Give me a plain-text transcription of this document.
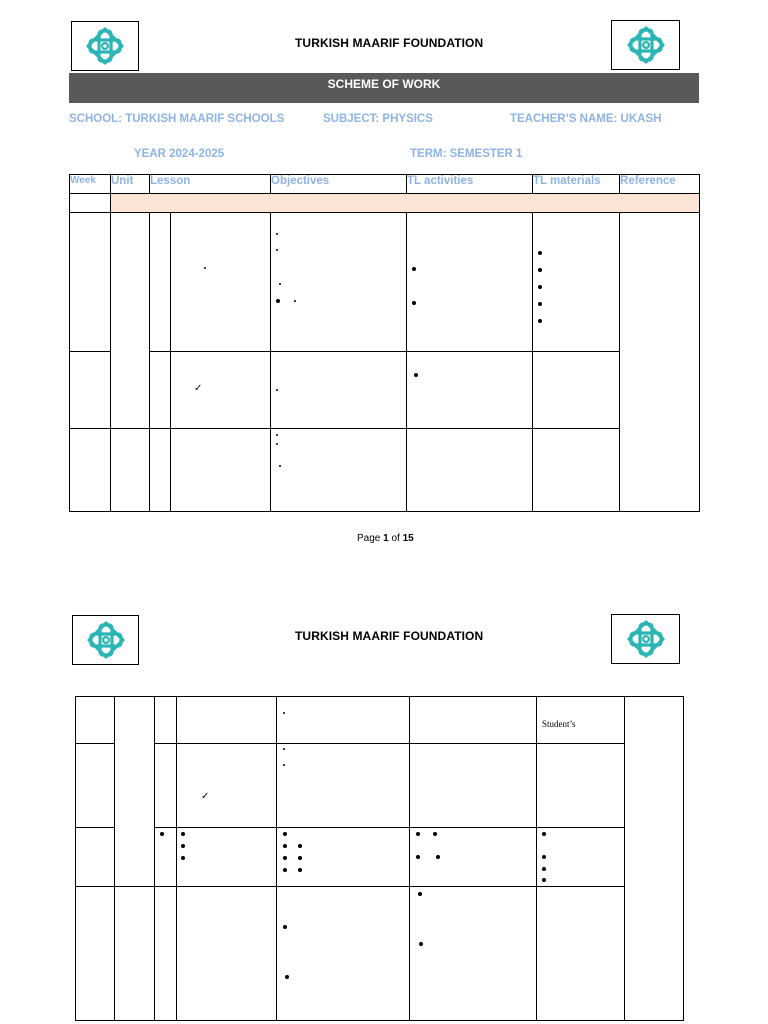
TURKISH MAARIF FOUNDATION
SCHEME OF WORK
SCHOOL: TURKISH MAARIF SCHOOLS	SUBJECT: PHYSICS	TEACHER’S NAME: UKASH
YEAR 2024-2025	TERM: SEMESTER 1
Week	Unit	Lesson		Objectives	TL activities	TL materials	Reference

			✓				

Page 1 of 15
TURKISH MAARIF FOUNDATION

						Student’s	

			✓				
